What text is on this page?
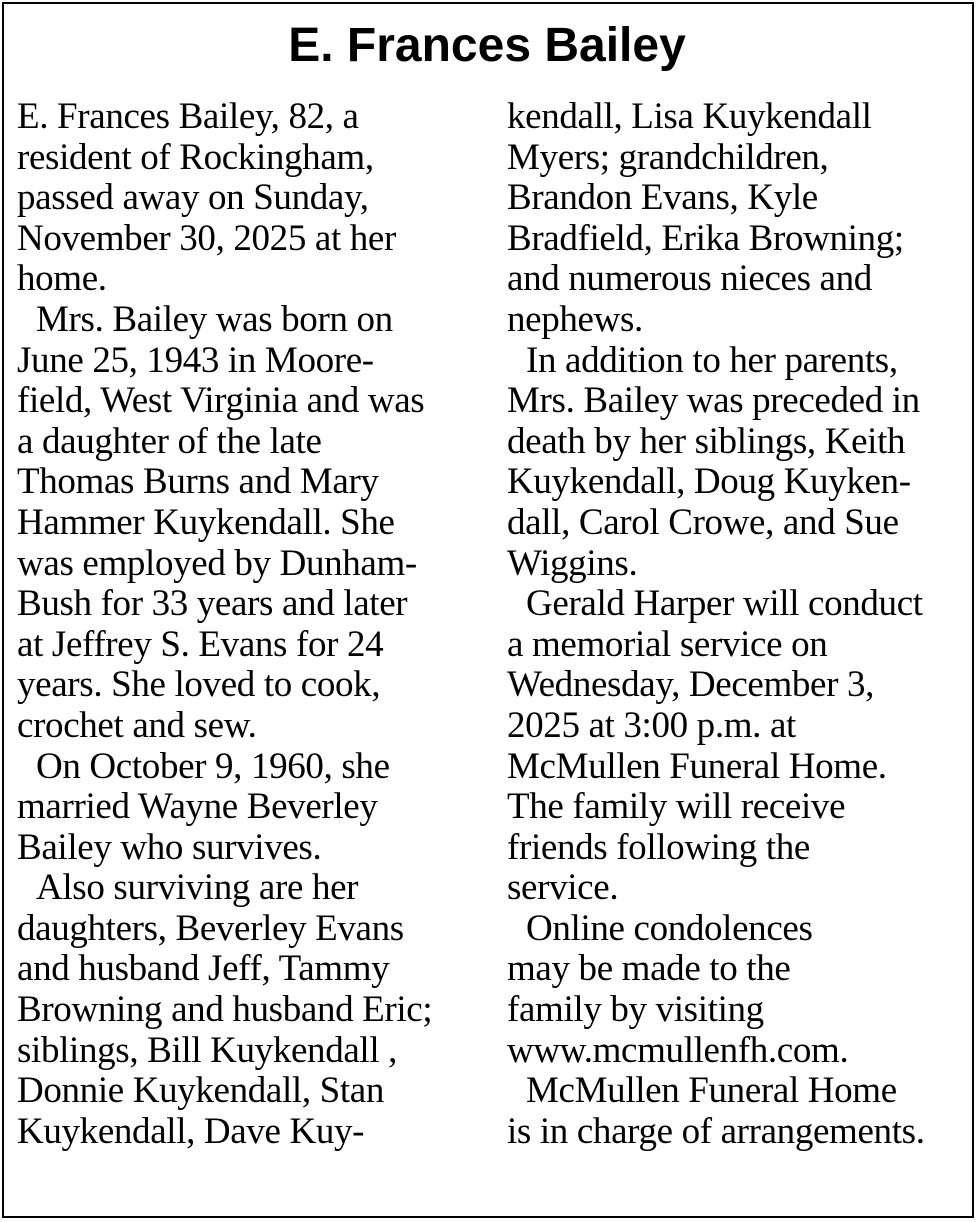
E. Frances Bailey
E. Frances Bailey, 82, a
resident of Rockingham,
passed away on Sunday,
November 30, 2025 at her
home.
Mrs. Bailey was born on
June 25, 1943 in Moore-
field, West Virginia and was
a daughter of the late
Thomas Burns and Mary
Hammer Kuykendall. She
was employed by Dunham-
Bush for 33 years and later
at Jeffrey S. Evans for 24
years. She loved to cook,
crochet and sew.
On October 9, 1960, she
married Wayne Beverley
Bailey who survives.
Also surviving are her
daughters, Beverley Evans
and husband Jeff, Tammy
Browning and husband Eric;
siblings, Bill Kuykendall ,
Donnie Kuykendall, Stan
Kuykendall, Dave Kuy-
kendall, Lisa Kuykendall
Myers; grandchildren,
Brandon Evans, Kyle
Bradfield, Erika Browning;
and numerous nieces and
nephews.
In addition to her parents,
Mrs. Bailey was preceded in
death by her siblings, Keith
Kuykendall, Doug Kuyken-
dall, Carol Crowe, and Sue
Wiggins.
Gerald Harper will conduct
a memorial service on
Wednesday, December 3,
2025 at 3:00 p.m. at
McMullen Funeral Home.
The family will receive
friends following the
service.
Online condolences
may be made to the
family by visiting
www.mcmullenfh.com.
McMullen Funeral Home
is in charge of arrangements.
